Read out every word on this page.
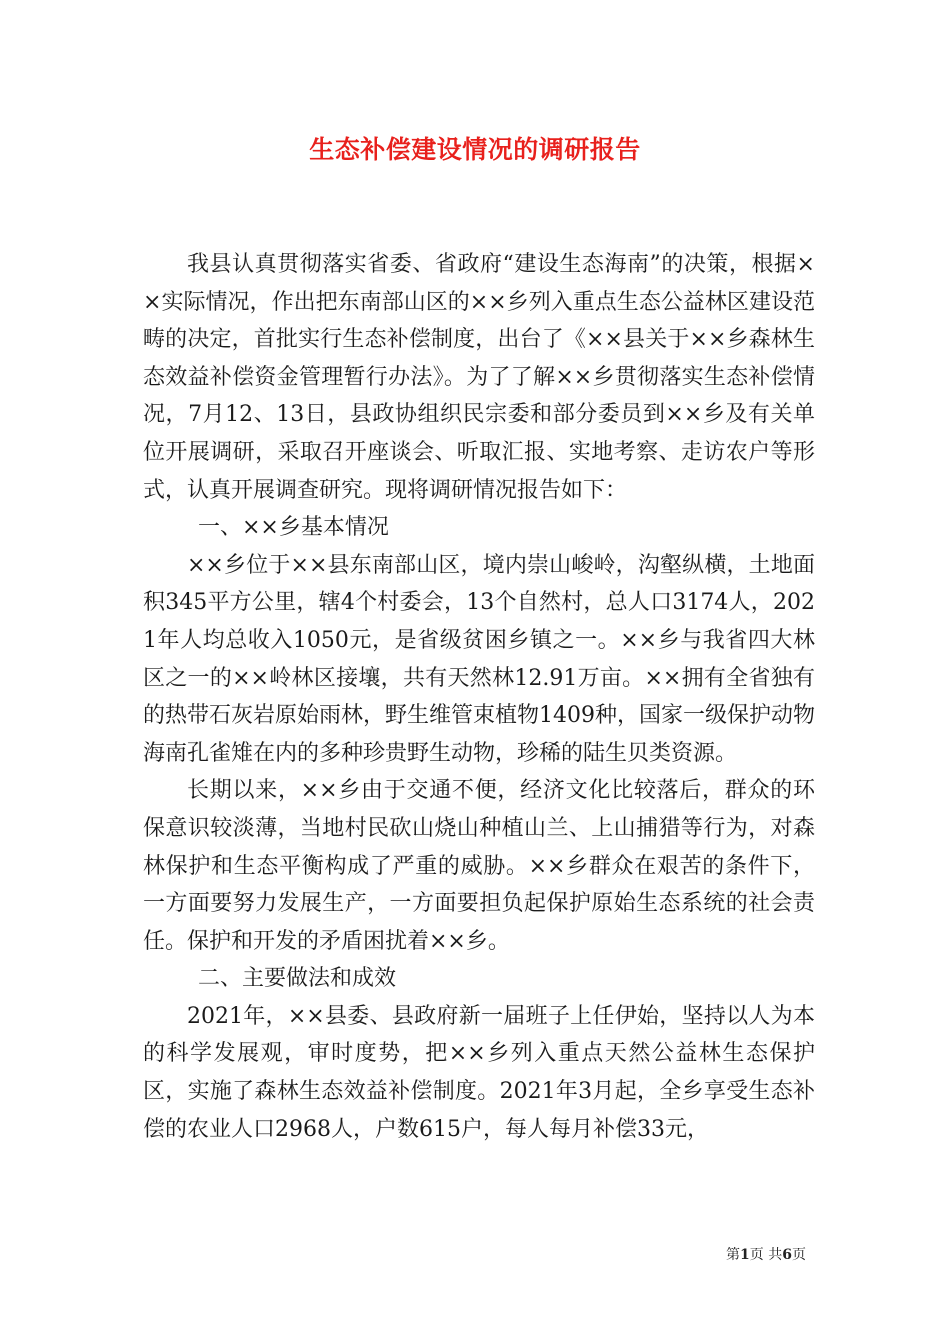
生态补偿建设情况的调研报告

我县认真贯彻落实省委、省政府“建设生态海南”的决策，根据××实际情况，作出把东南部山区的××乡列入重点生态公益林区建设范畴的决定，首批实行生态补偿制度，出台了《××县关于××乡森林生态效益补偿资金管理暂行办法》。为了了解××乡贯彻落实生态补偿情况，7月12、13日，县政协组织民宗委和部分委员到××乡及有关单位开展调研，采取召开座谈会、听取汇报、实地考察、走访农户等形式，认真开展调查研究。现将调研情况报告如下：

一、××乡基本情况

××乡位于××县东南部山区，境内崇山峻岭，沟壑纵横，土地面积345平方公里，辖4个村委会，13个自然村，总人口3174人，2021年人均总收入1050元，是省级贫困乡镇之一。××乡与我省四大林区之一的××岭林区接壤，共有天然林12.91万亩。××拥有全省独有的热带石灰岩原始雨林，野生维管束植物1409种，国家一级保护动物海南孔雀雉在内的多种珍贵野生动物，珍稀的陆生贝类资源。

长期以来，××乡由于交通不便，经济文化比较落后，群众的环保意识较淡薄，当地村民砍山烧山种植山兰、上山捕猎等行为，对森林保护和生态平衡构成了严重的威胁。××乡群众在艰苦的条件下，一方面要努力发展生产，一方面要担负起保护原始生态系统的社会责任。保护和开发的矛盾困扰着××乡。

二、主要做法和成效

2021年，××县委、县政府新一届班子上任伊始，坚持以人为本的科学发展观，审时度势，把××乡列入重点天然公益林生态保护区，实施了森林生态效益补偿制度。2021年3月起，全乡享受生态补偿的农业人口2968人，户数615户，每人每月补偿33元，

第1页 共6页
